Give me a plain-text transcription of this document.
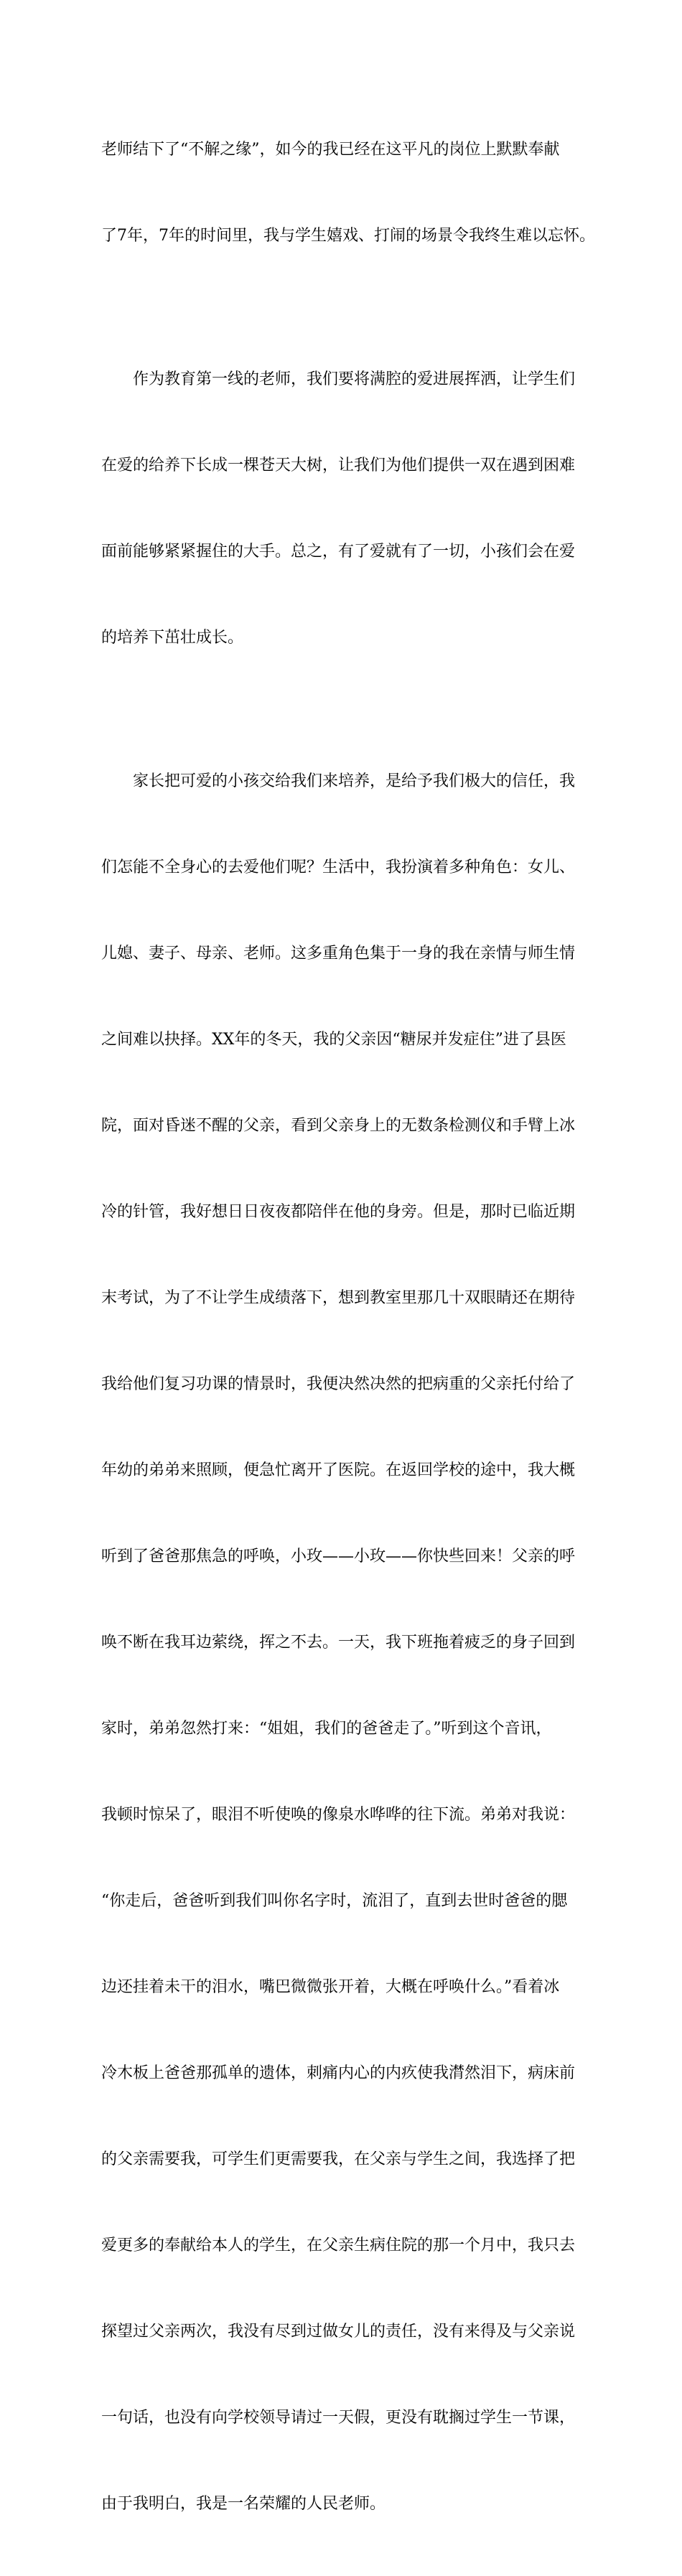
老师结下了“不解之缘”，如今的我已经在这平凡的岗位上默默奉献

了7年，7年的时间里，我与学生嬉戏、打闹的场景令我终生难以忘怀。

作为教育第一线的老师，我们要将满腔的爱进展挥洒，让学生们

在爱的给养下长成一棵苍天大树，让我们为他们提供一双在遇到困难

面前能够紧紧握住的大手。总之，有了爱就有了一切，小孩们会在爱

的培养下茁壮成长。

家长把可爱的小孩交给我们来培养，是给予我们极大的信任，我

们怎能不全身心的去爱他们呢？生活中，我扮演着多种角色：女儿、

儿媳、妻子、母亲、老师。这多重角色集于一身的我在亲情与师生情

之间难以抉择。XX年的冬天，我的父亲因“糖尿并发症住”进了县医

院，面对昏迷不醒的父亲，看到父亲身上的无数条检测仪和手臂上冰

冷的针管，我好想日日夜夜都陪伴在他的身旁。但是，那时已临近期

末考试，为了不让学生成绩落下，想到教室里那几十双眼睛还在期待

我给他们复习功课的情景时，我便决然决然的把病重的父亲托付给了

年幼的弟弟来照顾，便急忙离开了医院。在返回学校的途中，我大概

听到了爸爸那焦急的呼唤，小玫——小玫——你快些回来！父亲的呼

唤不断在我耳边萦绕，挥之不去。一天，我下班拖着疲乏的身子回到

家时，弟弟忽然打来：“姐姐，我们的爸爸走了。”听到这个音讯，

我顿时惊呆了，眼泪不听使唤的像泉水哗哗的往下流。弟弟对我说：

“你走后，爸爸听到我们叫你名字时，流泪了，直到去世时爸爸的腮

边还挂着未干的泪水，嘴巴微微张开着，大概在呼唤什么。”看着冰

冷木板上爸爸那孤单的遗体，刺痛内心的内疚使我潸然泪下，病床前

的父亲需要我，可学生们更需要我，在父亲与学生之间，我选择了把

爱更多的奉献给本人的学生，在父亲生病住院的那一个月中，我只去

探望过父亲两次，我没有尽到过做女儿的责任，没有来得及与父亲说

一句话，也没有向学校领导请过一天假，更没有耽搁过学生一节课，

由于我明白，我是一名荣耀的人民老师。
